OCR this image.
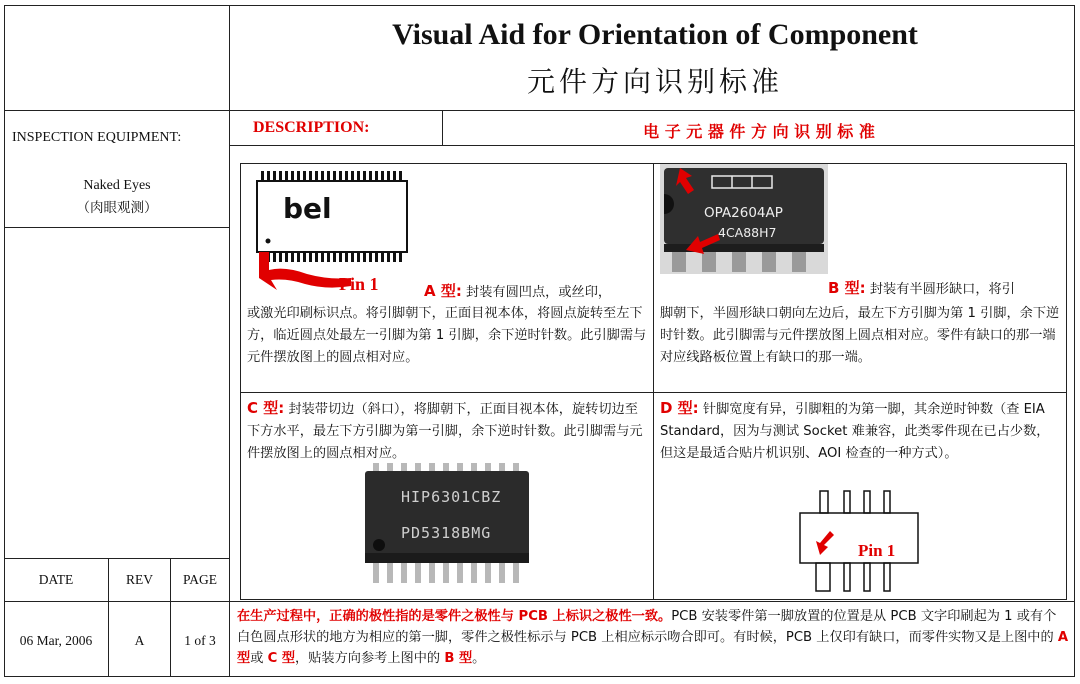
Visual Aid for Orientation of Component
元件方向识别标准
INSPECTION EQUIPMENT:
Naked Eyes
（肉眼观测）
DESCRIPTION:	电 子 元 器 件 方 向 识 别 标 准
bel
Pin 1	A 型: 封装有圆凹点，或丝印，
或激光印刷标识点。将引脚朝下，正面目视本体，将圆点旋转至左下方，临近圆点处最左一引脚为第 1 引脚，余下逆时针数。此引脚需与元件摆放图上的圆点相对应。
OPA2604AP
4CA88H7
B 型: 封装有半圆形缺口，将引
脚朝下，半圆形缺口朝向左边后，最左下方引脚为第 1 引脚，余下逆时针数。此引脚需与元件摆放图上圆点相对应。零件有缺口的那一端对应线路板位置上有缺口的那一端。
C 型: 封装带切边（斜口），将脚朝下，正面目视本体，旋转切边至下方水平，最左下方引脚为第一引脚，余下逆时针数。此引脚需与元件摆放图上的圆点相对应。
HIP6301CBZ
PD5318BMG
D 型: 针脚宽度有异，引脚粗的为第一脚，其余逆时钟数（查 EIA Standard，因为与测试 Socket 难兼容，此类零件现在已占少数，但这是最适合贴片机识别、AOI 检查的一种方式）。
Pin 1
DATE	REV	PAGE
06 Mar, 2006	A	1 of 3
在生产过程中，正确的极性指的是零件之极性与 PCB 上标识之极性一致。PCB 安装零件第一脚放置的位置是从 PCB 文字印刷起为 1 或有个白色圆点形状的地方为相应的第一脚，零件之极性标示与 PCB 上相应标示吻合即可。有时候，PCB 上仅印有缺口，而零件实物又是上图中的 A 型或 C 型，贴装方向参考上图中的 B 型。
